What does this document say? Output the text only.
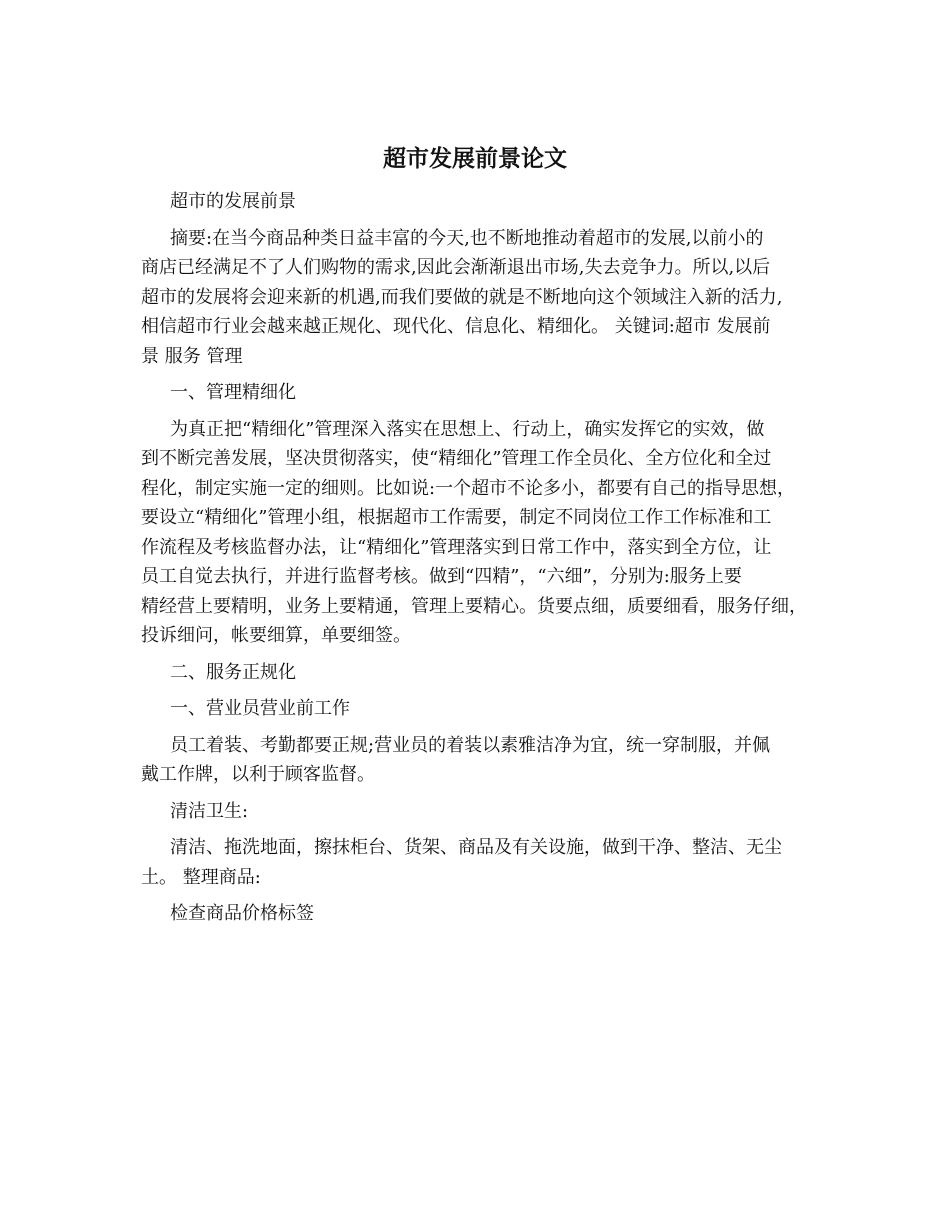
超市发展前景论文

超市的发展前景

摘要:在当今商品种类日益丰富的今天,也不断地推动着超市的发展,以前小的
商店已经满足不了人们购物的需求,因此会渐渐退出市场,失去竞争力。所以,以后
超市的发展将会迎来新的机遇,而我们要做的就是不断地向这个领域注入新的活力,
相信超市行业会越来越正规化、现代化、信息化、精细化。 关键词:超市 发展前
景 服务 管理

一、管理精细化

为真正把“精细化”管理深入落实在思想上、行动上，确实发挥它的实效，做
到不断完善发展，坚决贯彻落实，使“精细化”管理工作全员化、全方位化和全过
程化，制定实施一定的细则。比如说:一个超市不论多小，都要有自己的指导思想，
要设立“精细化”管理小组，根据超市工作需要，制定不同岗位工作工作标准和工
作流程及考核监督办法，让“精细化”管理落实到日常工作中，落实到全方位，让
员工自觉去执行，并进行监督考核。做到“四精”，“六细”，分别为:服务上要
精经营上要精明，业务上要精通，管理上要精心。货要点细，质要细看，服务仔细，
投诉细问，帐要细算，单要细签。

二、服务正规化

一、营业员营业前工作

员工着装、考勤都要正规;营业员的着装以素雅洁净为宜，统一穿制服，并佩
戴工作牌，以利于顾客监督。

清洁卫生:

清洁、拖洗地面，擦抹柜台、货架、商品及有关设施，做到干净、整洁、无尘
土。 整理商品:

检查商品价格标签
